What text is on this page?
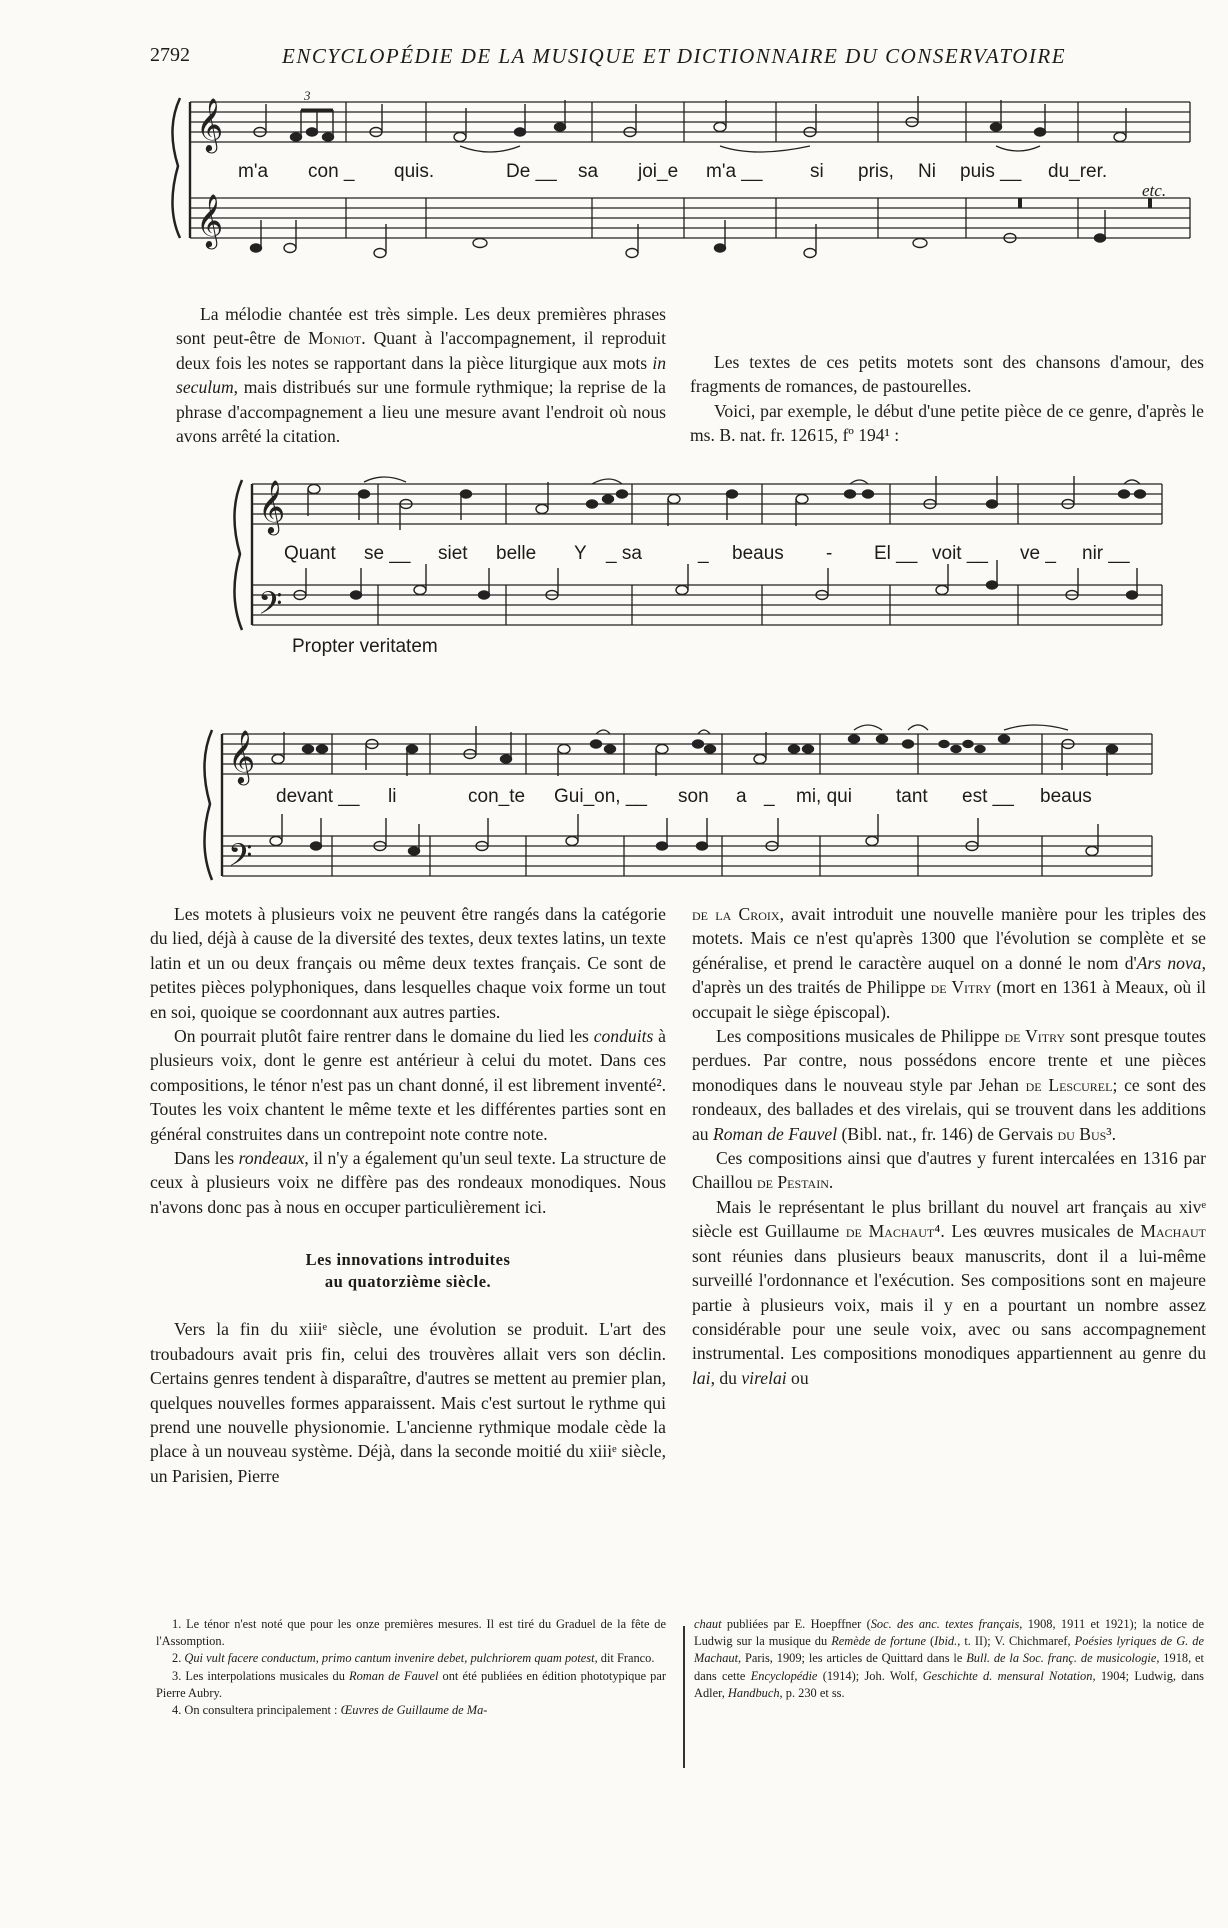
2792	ENCYCLOPÉDIE DE LA MUSIQUE ET DICTIONNAIRE DU CONSERVATOIRE
𝄞
𝄞
3
m'a con _ quis.	De __ sa joi_e m'a __	si pris, Ni puis __ du_rer.
etc.

La mélodie chantée est très simple. Les deux premières phrases sont peut-être de Moniot. Quant à l'accompagnement, il reproduit deux fois les notes se rapportant dans la pièce liturgique aux mots in seculum, mais distribués sur une formule rythmique; la reprise de la phrase d'accompagnement a lieu une mesure avant l'endroit où nous avons arrêté la citation.

Les textes de ces petits motets sont des chansons d'amour, des fragments de romances, de pastourelles.

Voici, par exemple, le début d'une petite pièce de ce genre, d'après le ms. B. nat. fr. 12615, fº 194¹ :

𝄞
𝄢
Quant se __ siet belle Y _ sa	_ beaus - El __ voit __ ve _ nir __
Propter veritatem
𝄞
𝄢
devant __ li	con_te Gui_on, __ son a _ mi, qui tant est __ beaus

Les motets à plusieurs voix ne peuvent être rangés dans la catégorie du lied, déjà à cause de la diversité des textes, deux textes latins, un texte latin et un ou deux français ou même deux textes français. Ce sont de petites pièces polyphoniques, dans lesquelles chaque voix forme un tout en soi, quoique se coordonnant aux autres parties.

On pourrait plutôt faire rentrer dans le domaine du lied les conduits à plusieurs voix, dont le genre est antérieur à celui du motet. Dans ces compositions, le ténor n'est pas un chant donné, il est librement inventé². Toutes les voix chantent le même texte et les différentes parties sont en général construites dans un contrepoint note contre note.

Dans les rondeaux, il n'y a également qu'un seul texte. La structure de ceux à plusieurs voix ne diffère pas des rondeaux monodiques. Nous n'avons donc pas à nous en occuper particulièrement ici.

Les innovations introduites
au quatorzième siècle.

Vers la fin du xiiiᵉ siècle, une évolution se produit. L'art des troubadours avait pris fin, celui des trouvères allait vers son déclin. Certains genres tendent à disparaître, d'autres se mettent au premier plan, quelques nouvelles formes apparaissent. Mais c'est surtout le rythme qui prend une nouvelle physionomie. L'ancienne rythmique modale cède la place à un nouveau système. Déjà, dans la seconde moitié du xiiiᵉ siècle, un Parisien, Pierre

de la Croix, avait introduit une nouvelle manière pour les triples des motets. Mais ce n'est qu'après 1300 que l'évolution se complète et se généralise, et prend le caractère auquel on a donné le nom d'Ars nova, d'après un des traités de Philippe de Vitry (mort en 1361 à Meaux, où il occupait le siège épiscopal).

Les compositions musicales de Philippe de Vitry sont presque toutes perdues. Par contre, nous possédons encore trente et une pièces monodiques dans le nouveau style par Jehan de Lescurel; ce sont des rondeaux, des ballades et des virelais, qui se trouvent dans les additions au Roman de Fauvel (Bibl. nat., fr. 146) de Gervais du Bus³.

Ces compositions ainsi que d'autres y furent intercalées en 1316 par Chaillou de Pestain.

Mais le représentant le plus brillant du nouvel art français au xivᵉ siècle est Guillaume de Machaut⁴. Les œuvres musicales de Machaut sont réunies dans plusieurs beaux manuscrits, dont il a lui-même surveillé l'ordonnance et l'exécution. Ses compositions sont en majeure partie à plusieurs voix, mais il y en a pourtant un nombre assez considérable pour une seule voix, avec ou sans accompagnement instrumental. Les compositions monodiques appartiennent au genre du lai, du virelai ou

1. Le ténor n'est noté que pour les onze premières mesures. Il est tiré du Graduel de la fête de l'Assomption.

2. Qui vult facere conductum, primo cantum invenire debet, pulchriorem quam potest, dit Franco.

3. Les interpolations musicales du Roman de Fauvel ont été publiées en édition phototypique par Pierre Aubry.

4. On consultera principalement : Œuvres de Guillaume de Ma-

chaut publiées par E. Hoepffner (Soc. des anc. textes français, 1908, 1911 et 1921); la notice de Ludwig sur la musique du Remède de fortune (Ibid., t. II); V. Chichmaref, Poésies lyriques de G. de Machaut, Paris, 1909; les articles de Quittard dans le Bull. de la Soc. franç. de musicologie, 1918, et dans cette Encyclopédie (1914); Joh. Wolf, Geschichte d. mensural Notation, 1904; Ludwig, dans Adler, Handbuch, p. 230 et ss.
